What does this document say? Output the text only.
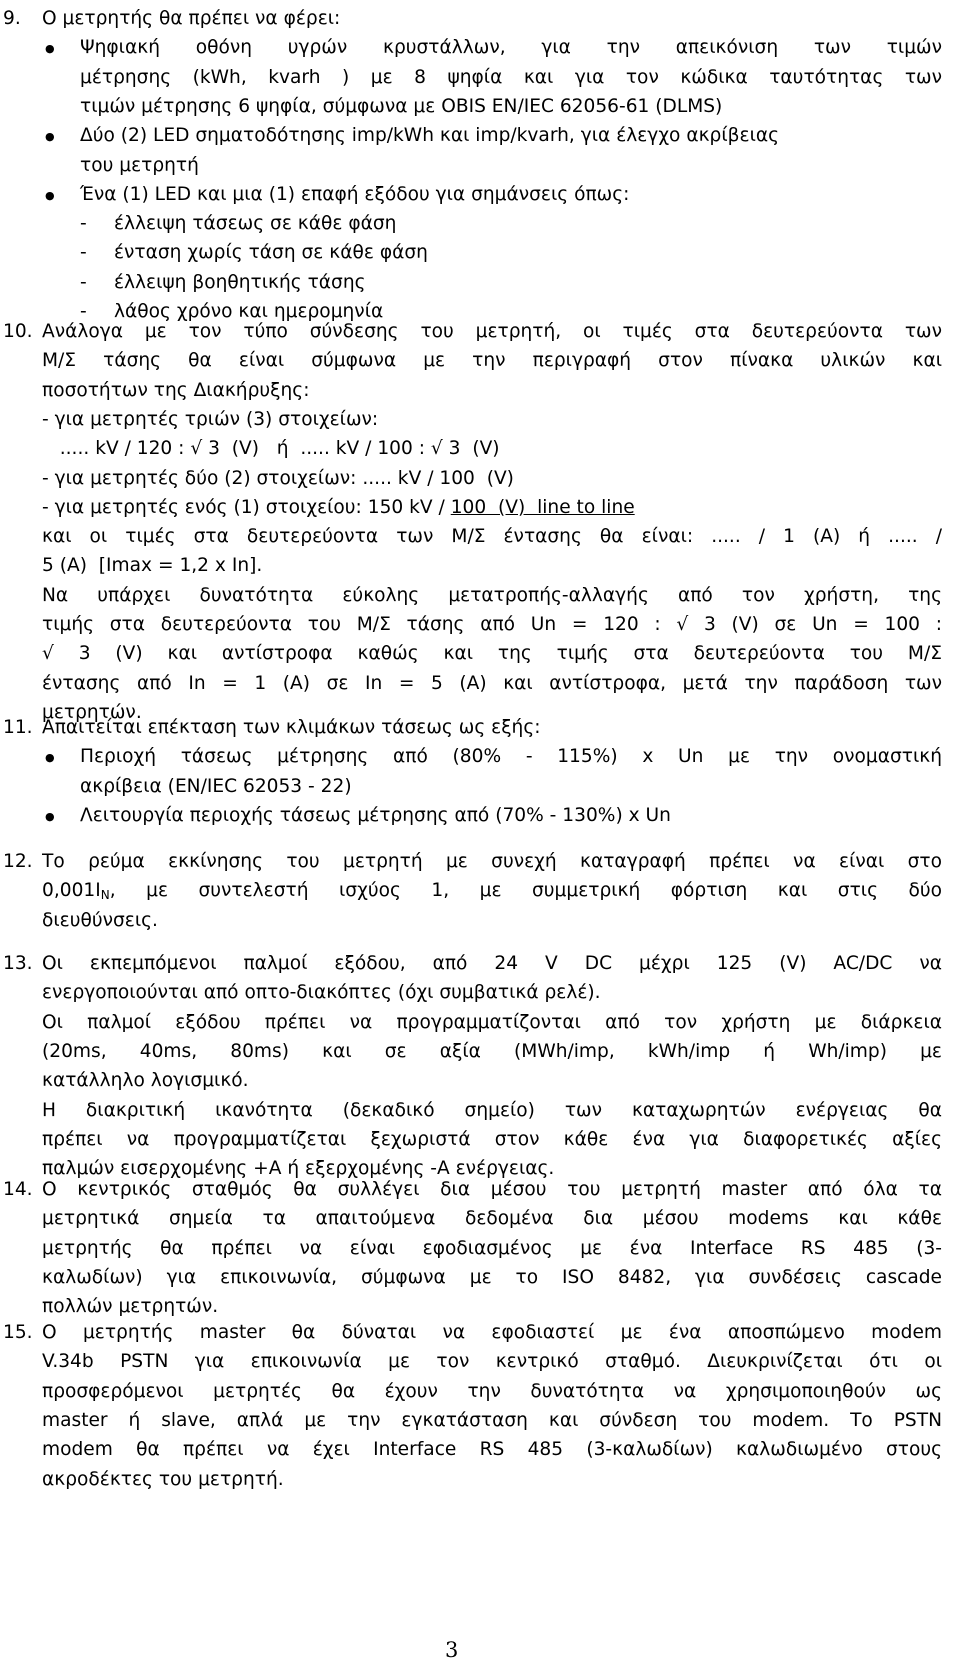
9. Ο μετρητής θα πρέπει να φέρει:
● Ψηφιακή οθόνη υγρών κρυστάλλων, για την απεικόνιση των τιμών
μέτρησης (kWh, kvarh ) με 8 ψηφία και για τον κώδικα ταυτότητας των
τιμών μέτρησης 6 ψηφία, σύμφωνα με OBIS EN/IEC 62056-61 (DLMS)
● Δύο (2) LED σηματοδότησης imp/kWh και imp/kvarh, για έλεγχο ακρίβειας
του μετρητή
● Ένα (1) LED και μια (1) επαφή εξόδου για σημάνσεις όπως:
- έλλειψη τάσεως σε κάθε φάση
- ένταση χωρίς τάση σε κάθε φάση
- έλλειψη βοηθητικής τάσης
- λάθος χρόνο και ημερομηνία
10. Ανάλογα με τον τύπο σύνδεσης του μετρητή, οι τιμές στα δευτερεύοντα των
Μ/Σ τάσης θα είναι σύμφωνα με την περιγραφή στον πίνακα υλικών και
ποσοτήτων της Διακήρυξης:
- για μετρητές τριών (3) στοιχείων:
..... kV / 120 : √ 3  (V)   ή  ..... kV / 100 : √ 3  (V)
- για μετρητές δύο (2) στοιχείων: ..... kV / 100  (V)
- για μετρητές ενός (1) στοιχείου: 150 kV / 100  (V)  line to line
και οι τιμές στα δευτερεύοντα των Μ/Σ έντασης θα είναι: ..... / 1 (A) ή ..... /
5 (A)  [Imax = 1,2 x In].
Να υπάρχει δυνατότητα εύκολης μετατροπής-αλλαγής από τον χρήστη, της
τιμής στα δευτερεύοντα του Μ/Σ τάσης από Un = 120 : √ 3 (V) σε Un = 100 :
√ 3 (V) και αντίστροφα καθώς και της τιμής στα δευτερεύοντα του Μ/Σ
έντασης από In = 1 (A) σε In = 5 (A) και αντίστροφα, μετά την παράδοση των
μετρητών.
11. Απαιτείται επέκταση των κλιμάκων τάσεως ως εξής:
● Περιοχή τάσεως μέτρησης από (80% - 115%) x Un με την ονομαστική
ακρίβεια (EN/IEC 62053 - 22)
● Λειτουργία περιοχής τάσεως μέτρησης από (70% - 130%) x Un
12. Το ρεύμα εκκίνησης του μετρητή με συνεχή καταγραφή πρέπει να είναι στο
$0,001I_N$, με συντελεστή ισχύος 1, με συμμετρική φόρτιση και στις δύο
διευθύνσεις.
13. Οι εκπεμπόμενοι παλμοί εξόδου, από 24 V DC μέχρι 125 (V) AC/DC να
ενεργοποιούνται από οπτο-διακόπτες (όχι συμβατικά ρελέ).
Οι παλμοί εξόδου πρέπει να προγραμματίζονται από τον χρήστη με διάρκεια
(20ms, 40ms, 80ms) και σε αξία (MWh/imp, kWh/imp ή Wh/imp) με
κατάλληλο λογισμικό.
Η διακριτική ικανότητα (δεκαδικό σημείο) των καταχωρητών ενέργειας θα
πρέπει να προγραμματίζεται ξεχωριστά στον κάθε ένα για διαφορετικές αξίες
παλμών εισερχομένης +A ή εξερχομένης -A ενέργειας.
14. Ο κεντρικός σταθμός θα συλλέγει δια μέσου του μετρητή master από όλα τα
μετρητικά σημεία τα απαιτούμενα δεδομένα δια μέσου modems και κάθε
μετρητής θα πρέπει να είναι εφοδιασμένος με ένα Interface RS 485 (3-
καλωδίων) για επικοινωνία, σύμφωνα με το ISO 8482, για συνδέσεις cascade
πολλών μετρητών.
15. Ο μετρητής master θα δύναται να εφοδιαστεί με ένα αποσπώμενο modem
V.34b PSTN για επικοινωνία με τον κεντρικό σταθμό. Διευκρινίζεται ότι οι
προσφερόμενοι μετρητές θα έχουν την δυνατότητα να χρησιμοποιηθούν ως
master ή slave, απλά με την εγκατάσταση και σύνδεση του modem. Το PSTN
modem θα πρέπει να έχει Interface RS 485 (3-καλωδίων) καλωδιωμένο στους
ακροδέκτες του μετρητή.
3
